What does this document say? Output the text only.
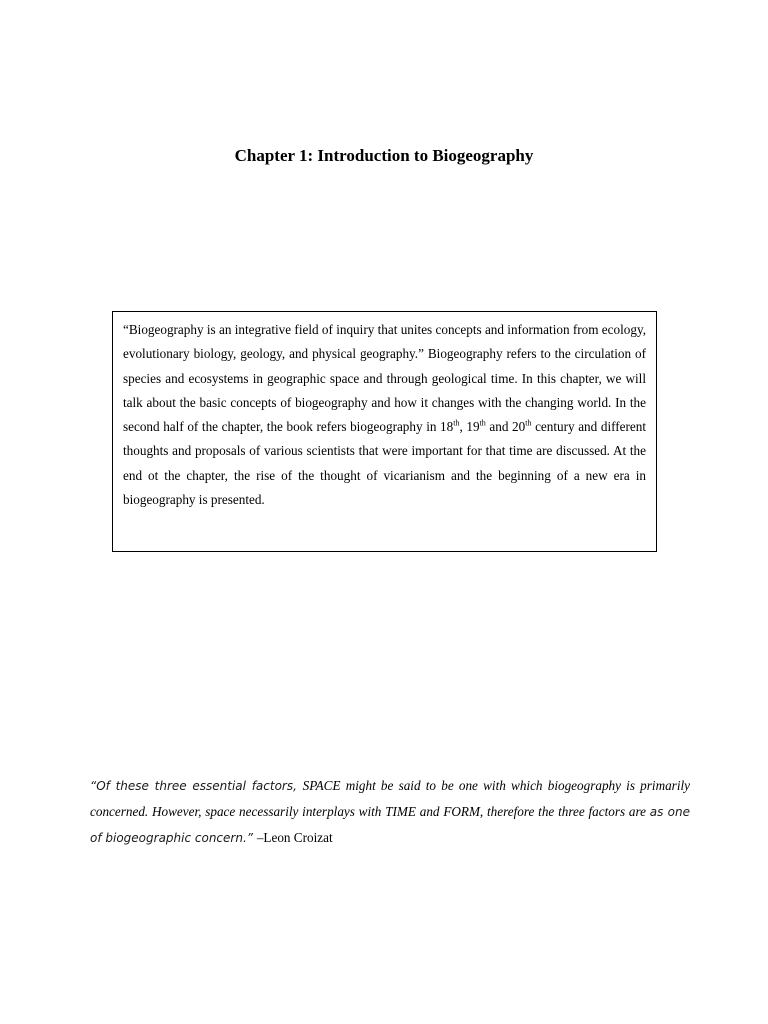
Chapter 1: Introduction to Biogeography

“Biogeography is an integrative field of inquiry that unites concepts and information from ecology, evolutionary biology, geology, and physical geography.” Biogeography refers to the circulation of species and ecosystems in geographic space and through geological time. In this chapter, we will talk about the basic concepts of biogeography and how it changes with the changing world. In the second half of the chapter, the book refers biogeography in 18th, 19th and 20th century and different thoughts and proposals of various scientists that were important for that time are discussed. At the end ot the chapter, the rise of the thought of vicarianism and the beginning of a new era in biogeography is presented.

“Of these three essential factors, SPACE might be said to be one with which biogeography is primarily concerned. However, space necessarily interplays with TIME and FORM, therefore the three factors are as one of biogeographic concern.” –Leon Croizat
